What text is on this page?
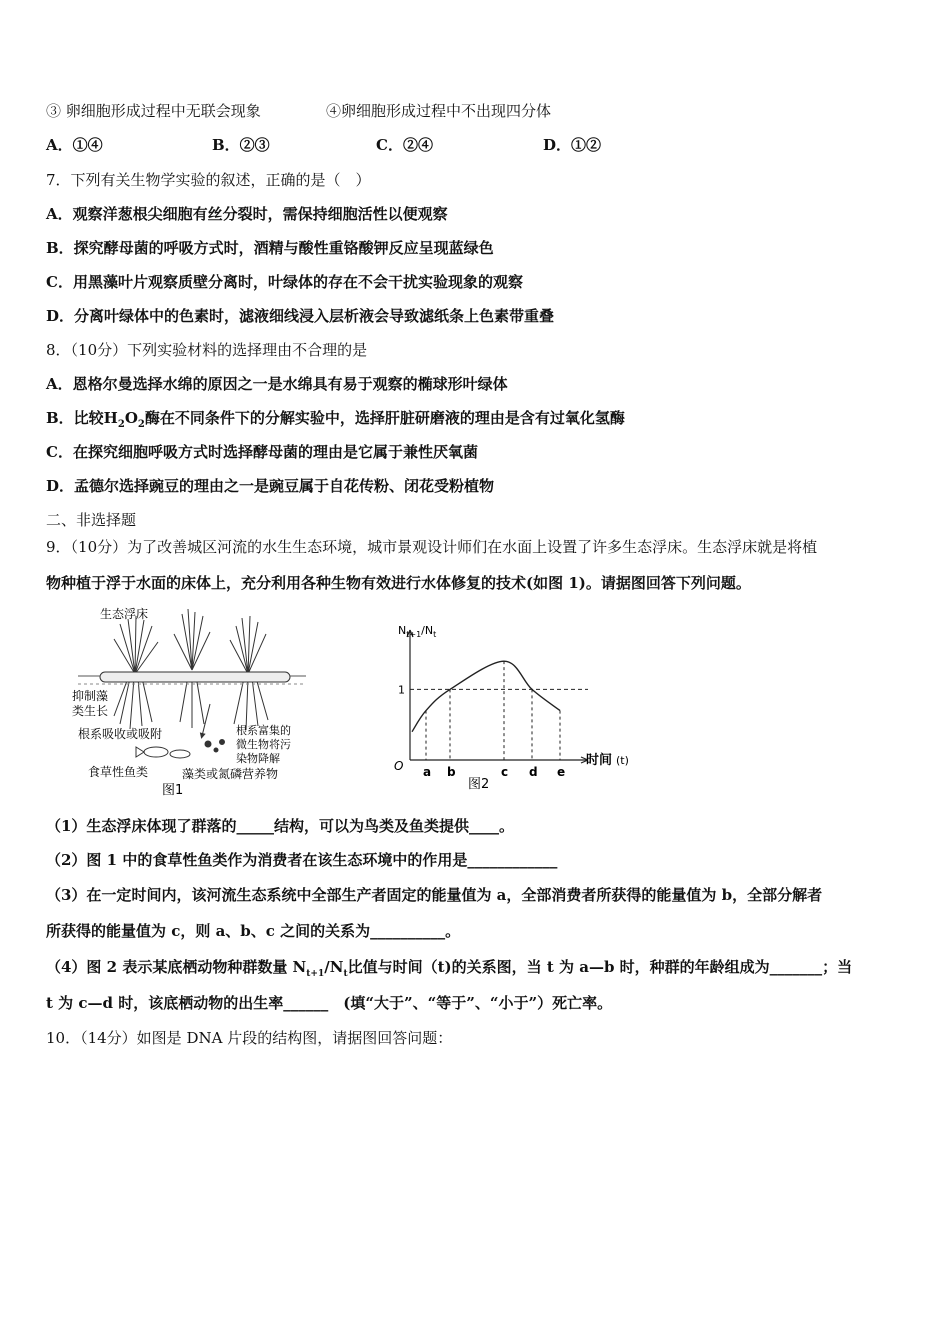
③ 卵细胞形成过程中无联会现象	④卵细胞形成过程中不出现四分体
A．①④	B．②③	C．②④	D．①②
7．下列有关生物学实验的叙述，正确的是（　）
A．观察洋葱根尖细胞有丝分裂时，需保持细胞活性以便观察
B．探究酵母菌的呼吸方式时，酒精与酸性重铬酸钾反应呈现蓝绿色
C．用黑藻叶片观察质壁分离时，叶绿体的存在不会干扰实验现象的观察
D．分离叶绿体中的色素时，滤液细线浸入层析液会导致滤纸条上色素带重叠
8．（10分）下列实验材料的选择理由不合理的是
A．恩格尔曼选择水绵的原因之一是水绵具有易于观察的椭球形叶绿体
B．比较$H_2O_2$酶在不同条件下的分解实验中，选择肝脏研磨液的理由是含有过氧化氢酶
C．在探究细胞呼吸方式时选择酵母菌的理由是它属于兼性厌氧菌
D．孟德尔选择豌豆的理由之一是豌豆属于自花传粉、闭花受粉植物
二、非选择题
9．（10分）为了改善城区河流的水生生态环境，城市景观设计师们在水面上设置了许多生态浮床。生态浮床就是将植
物种植于浮于水面的床体上，充分利用各种生物有效进行水体修复的技术(如图 1)。请据图回答下列问题。
生态浮床
抑制藻
类生长
根系吸收或吸附	根系富集的
微生物将污
染物降解
食草性鱼类	藻类或氮磷营养物
图1
$N_{t+1}/N_t$
1
O a b	c d e
时间 (t)
图2
（1）生态浮床体现了群落的_____结构，可以为鸟类及鱼类提供____。
（2）图 1 中的食草性鱼类作为消费者在该生态环境中的作用是____________
（3）在一定时间内，该河流生态系统中全部生产者固定的能量值为 a，全部消费者所获得的能量值为 b，全部分解者
所获得的能量值为 c，则 a、b、c 之间的关系为__________。
（4）图 2 表示某底栖动物种群数量 $N_{t+1}/N_t$比值与时间（t)的关系图，当 t 为 a—b 时，种群的年龄组成为_______；当
t 为 c—d 时，该底栖动物的出生率______　(填“大于”、“等于”、“小于”）死亡率。
10．（14分）如图是 DNA 片段的结构图，请据图回答问题：
